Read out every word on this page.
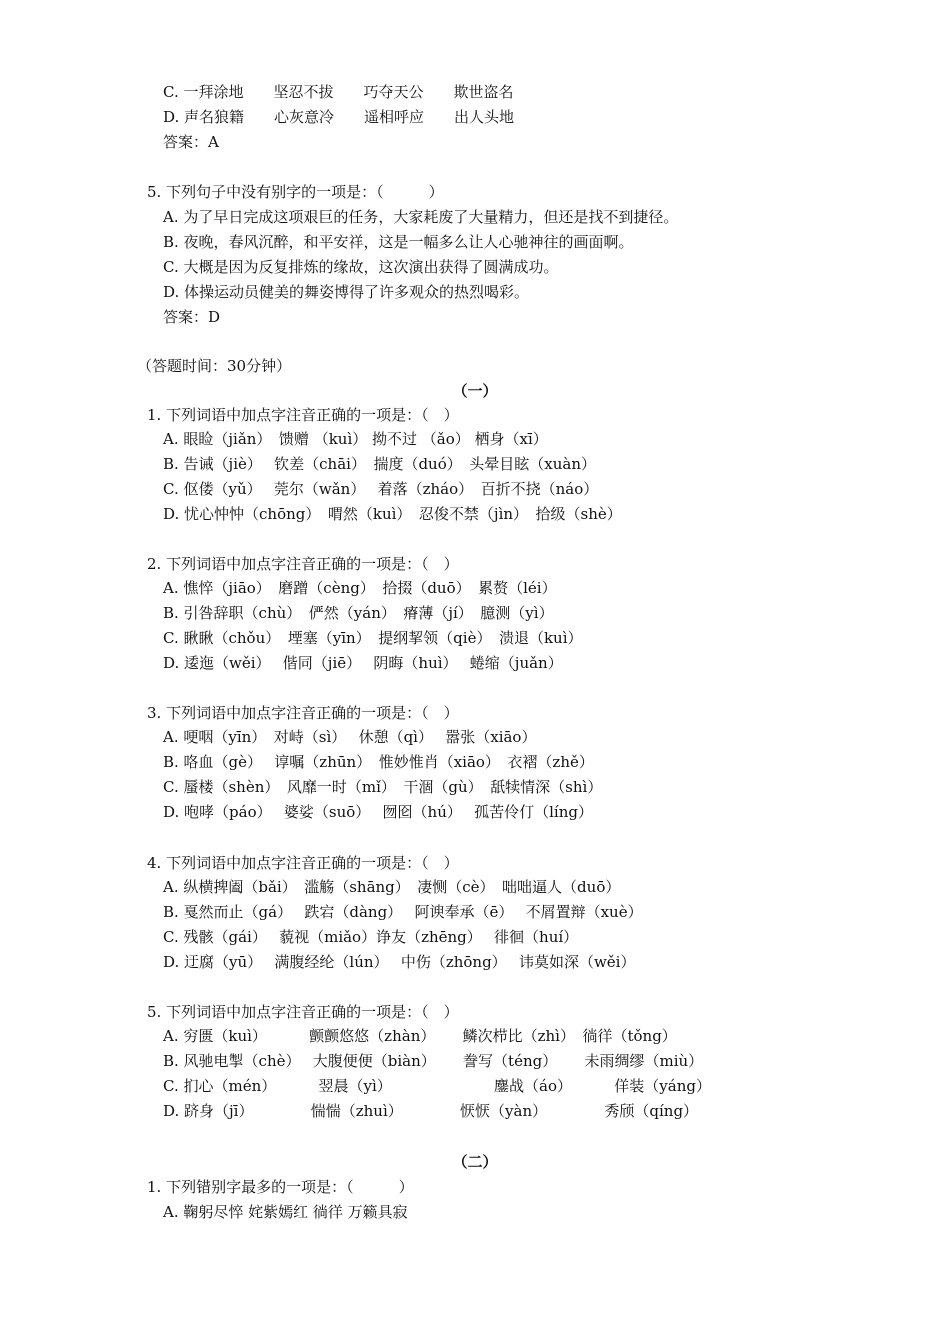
C. 一拜涂地　　坚忍不拔　　巧夺天公　　欺世盗名
D. 声名狼籍　　心灰意冷　　遥相呼应　　出人头地
答案：A
5. 下列句子中没有别字的一项是：（　　　）
A. 为了早日完成这项艰巨的任务，大家耗废了大量精力，但还是找不到捷径。
B. 夜晚，春风沉醉，和平安祥，这是一幅多么让人心驰神往的画面啊。
C. 大概是因为反复排炼的缘故，这次演出获得了圆满成功。
D. 体操运动员健美的舞姿博得了许多观众的热烈喝彩。
答案：D
（答题时间：30分钟）
（一）
1. 下列词语中加点字注音正确的一项是：（　）
A. 眼睑（jiǎn）　馈赠 （kuì） 拗不过 （ǎo） 栖身（xī）
B. 告诫（jiè）　 钦差（chāi）　揣度（duó）　头晕目眩（xuàn）
C. 伛偻（yǔ）　 莞尔（wǎn）　 着落（zháo）　百折不挠（náo）
D. 忧心忡忡（chōng）　喟然（kuì）　忍俊不禁（jìn）　拾级（shè）
2. 下列词语中加点字注音正确的一项是：（　）
A. 憔悴（jiāo）　磨蹭（cèng）　拾掇（duō）　累赘（léi）
B. 引咎辞职（chù）　俨然（yán）　瘠薄（jí）　臆测（yì）
C. 瞅瞅（chǒu）　堙塞（yīn）　提纲挈领（qiè）　溃退（kuì）
D. 逶迤（wěi）　 偕同（jiē）　 阴晦（huì）　 蜷缩（juǎn）
3. 下列词语中加点字注音正确的一项是：（　）
A. 哽咽（yīn）　对峙（sì）　 休憩（qì）　 嚣张（xiāo）
B. 咯血（gè）　 谆嘱（zhūn）　惟妙惟肖（xiāo）　衣褶（zhě）
C. 蜃楼（shèn）　风靡一时（mǐ）　干涸（gù）　舐犊情深（shì）
D. 咆哮（páo）　 婆娑（suō）　 囫囵（hú）　 孤苦伶仃（líng）
4. 下列词语中加点字注音正确的一项是：（　）
A. 纵横捭阖（bǎi）　滥觞（shāng）　凄恻（cè）　咄咄逼人（duō）
B. 戛然而止（gá）　 跌宕（dàng）　 阿谀奉承（ē）　 不屑置辩（xuè）
C. 残骸（gái）　 藐视（miǎo）诤友（zhēng）　 徘徊（huí）
D. 迂腐（yū）　 满腹经纶（lún）　 中伤（zhōng）　 讳莫如深（wěi）
5. 下列词语中加点字注音正确的一项是：（　）
A. 穷匮（kuì）　　　 颤颤悠悠（zhàn）　　 鳞次栉比（zhì）　徜徉（tǒng）
B. 风驰电掣（chè）　 大腹便便（biàn）　　 誊写（téng）　　 未雨绸缪（miù）
C. 扪心（mén）　　　 翌晨（yì）　　　　　　　 鏖战（áo）　　　 佯装（yáng）
D. 跻身（jī）　　　　 惴惴（zhuì）　　　　 恹恹（yàn）　　　　 秀颀（qíng）
（二）
1. 下列错别字最多的一项是：（　　　）
A. 鞠躬尽悴 姹紫嫣红 徜徉 万籁具寂
